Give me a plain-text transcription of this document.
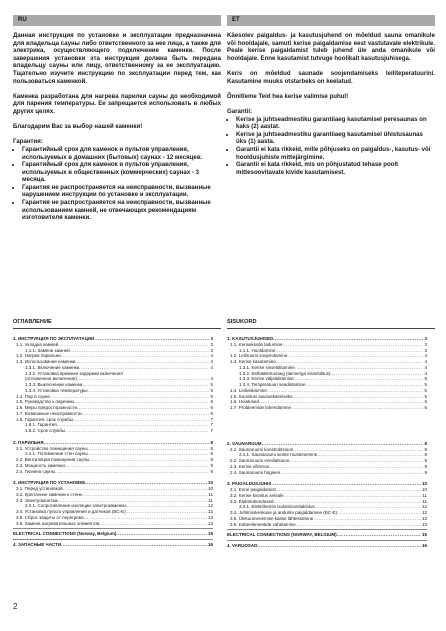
RU	ET

Данная инструкция по установке и эксплуатации предназначена для владельца сауны либо ответственного за нее лица, а также для электрика, осуществляющего подключение каменки. После завершения установки эта инструкция должна быть передана владельцу сауны или лицу, ответственному за ее эксплуатацию. Тщательно изучите инструкцию по эксплуатации перед тем, как пользоваться каменкой.

Каменка разработана для нагрева парилки сауны до необходимой для парения температуры. Ее запрещается использовать в любых других целях.

Благодарим Вас за выбор нашей каменки!

Гарантия:

• Гарантийный срок для каменок и пультов управления, используемых в домашних (бытовых) саунах - 12 месяцев.
• Гарантийный срок для каменок и пультов управления, используемых в общественных (коммерческих) саунах - 3 месяца.
• Гарантия не распространяется на неисправности, вызванные нарушением инструкции по установке и эксплуатации.
• Гарантия не распространяется на неисправности, вызванные использованием камней, не отвечающих рекомендациям изготовителя каменки.

Käesolev paigaldus- ja kasutusjuhend on mõeldud sauna omanikule või hooldajale, samuti kerise paigaldamise eest vastutavale elektrikule. Peale kerise paigaldamist tuleb juhend üle anda omanikule või hooldajale. Enne kasutamist tutvuge hoolikalt kasutusjuhisega.

Keris on mõeldud saunade soojendamiseks leiliteperatuurini. Kasutamine muuks otstarbeks on keelatud.

Õnnitleme Teid hea kerise valimise puhul!

Garantii:

• Kerise ja juhtseadmestiku garantiiaeg kasutamisel peresaunas on kaks (2) aastat.
• Kerise ja juhtseadmestiku garantiiaeg kasutamisel ühistusaunas üks (1) aasta.
• Garantii ei kata rikkeid, mille põhjuseks on paigaldus-, kasutus- või hooldusjuhiste mittejärgimine.
• Garantii ei kata rikkeid, mis on põhjustatud tehase poolt mittesoovitavate kivide kasutamisest.
ОГЛАВЛЕНИЕ	SISUKORD
1. ИНСТРУКЦИЯ ПО ЭКСПЛУАТАЦИИ .....	3
1.1. Укладка камней .....	3
1.1.1. Замена камней .....	3
1.2. Нагрев парильни .....	4
1.3. Использование каменки .....	4
1.3.1. Включение каменки .....	4
1.3.2. Установка времени задержки включения
(отложенное включение) .....	4
1.3.3. Выключение каменки .....	5
1.3.4. Установка температуры .....	5
1.4. Пар в сауне .....	5
1.5. Руководство к парению .....	6
1.6. Меры предосторожности .....	6
1.7. Возможные неисправности .....	6
1.8. Гарантия, срок службы .....	7
1.8.1. Гарантия .....	7
1.8.2. Срок службы .....	7
2. ПАРИЛЬНЯ .....	8
2.1. Устройство помещения сауны .....	8
2.1.1. Потемнение стен сауны .....	8
2.2. Вентиляция помещения сауны .....	9
2.3. Мощность каменки .....	9
2.4. Гигиена сауны .....	9
3. ИНСТРУКЦИЯ ПО УСТАНОВКЕ .....	10
3.1. Перед установкой .....	10
3.2. Крепление каменки к стене .....	11
3.3. Электромонтаж .....	11
3.3.1. Сопротивление изоляции электрокаменки .....	12
3.4. Установка пульта управления и датчиков (BC-E) .....	12
3.5. Сброс защиты от перегрева .....	13
3.6. Замена нагревательных элементов .....	13
ELECTRICAL CONNECTIONS (Norway, Belgium) .....	15
4. ЗАПАСНЫЕ ЧАСТИ .....	16
1. KASUTUSJUHISED .....	3
1.1. Kerisekivide ladumine .....	3
1.1.1. Hooldamine .....	3
1.2. Leiliruumi soojendamine .....	4
1.3. Kerise kasutamine .....	4
1.3.1. Kerise sisselülitamine .....	4
1.3.2. Eelhäälestusaeg (taimeriga sisselülitus) .....	4
1.3.3. Kerise väljalülitamine .....	5
1.3.4. Temperatuuri seadistamine .....	5
1.4. Leiliviskamine .....	5
1.5. Soovitusi saunaskäimiseks .....	5
1.6. Hoiatused .....	6
1.7. Probleemide lahendamine .....	6
2. SAUNARUUM .....	8
2.1. Saunaruumi konstruktsioon .....	8
2.1.1. Saunaruumi seinte mustenemine .....	8
2.2. Saunaruumi ventilatsioon .....	9
2.3. Kerise võimsus .....	9
2.4. Saunaruumi hügieen .....	9
3. PAIGALDUSJUHIS .....	10
3.1. Enne paigaldamist .....	10
3.2. Kerise kinnitus seinale .....	11
3.3. Elektriühendused .....	11
3.3.1. Elektrikerise isolatsioonitakistus .....	12
3.4. Juhtimiskeskuse ja andurite paigaldamine (BC-E) .....	12
3.5. Ülekuumenemise kaitse lähtestamine .....	13
3.6. Kütteelementide vahetamine .....	13
ELECTRICAL CONNECTIONS (NORWAY, BELGIUM) .....	15
4. VARUOSAD .....	16
2
